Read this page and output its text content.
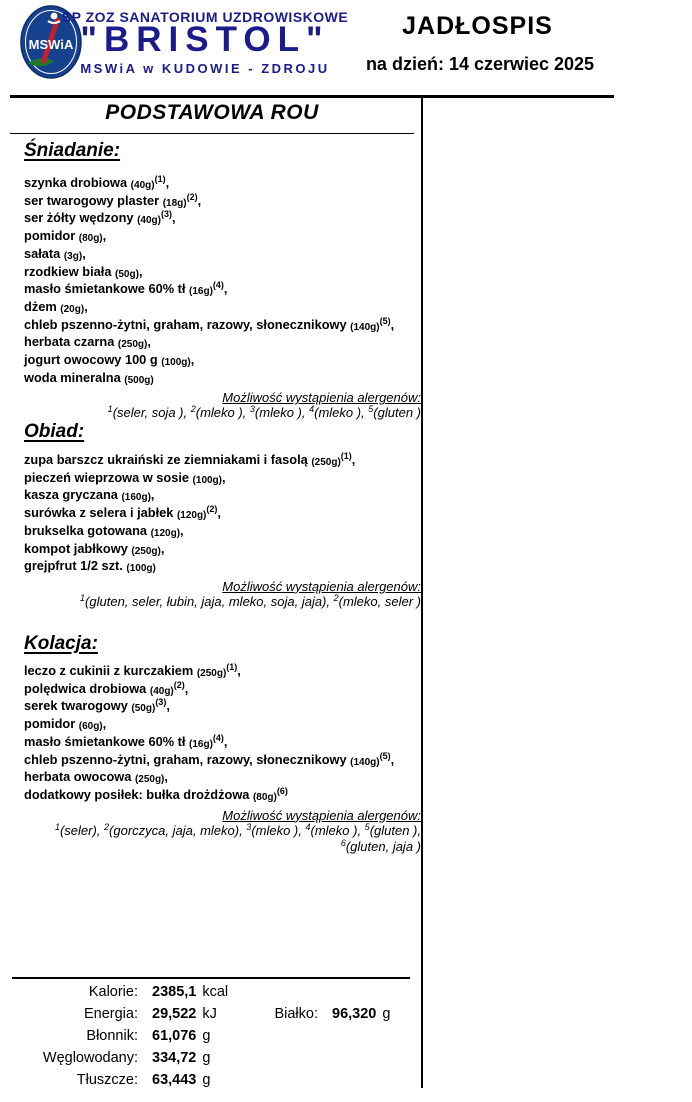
MSWiA
SP ZOZ SANATORIUM UZDROWISKOWE
"BRISTOL"
MSWiA w KUDOWIE - ZDROJU
JADŁOSPIS
na dzień: 14 czerwiec 2025
PODSTAWOWA ROU
Śniadanie:
szynka drobiowa $(40g)^{(1)}$,
ser twarogowy plaster $(18g)^{(2)}$,
ser żółty wędzony $(40g)^{(3)}$,
pomidor (80g),
sałata (3g),
rzodkiew biała (50g),
masło śmietankowe 60% tł $(16g)^{(4)}$,
dżem (20g),
chleb pszenno-żytni, graham, razowy, słonecznikowy $(140g)^{(5)}$,
herbata czarna (250g),
jogurt owocowy 100 g (100g),
woda mineralna (500g)
Możliwość wystąpienia alergenów:
$^1$(seler, soja ), $^2$(mleko ), $^3$(mleko ), $^4$(mleko ), $^5$(gluten )
Obiad:
zupa barszcz ukraiński ze ziemniakami i fasolą $(250g)^{(1)}$,
pieczeń wieprzowa w sosie (100g),
kasza gryczana (160g),
surówka z selera i jabłek $(120g)^{(2)}$,
brukselka gotowana (120g),
kompot jabłkowy (250g),
grejpfrut 1/2 szt. (100g)
Możliwość wystąpienia alergenów:
$^1$(gluten, seler, łubin, jaja, mleko, soja, jaja), $^2$(mleko, seler )
Kolacja:
leczo z cukinii z kurczakiem $(250g)^{(1)}$,
polędwica drobiowa $(40g)^{(2)}$,
serek twarogowy $(50g)^{(3)}$,
pomidor (60g),
masło śmietankowe 60% tł $(16g)^{(4)}$,
chleb pszenno-żytni, graham, razowy, słonecznikowy $(140g)^{(5)}$,
herbata owocowa (250g),
dodatkowy posiłek: bułka drożdżowa $(80g)^{(6)}$
Możliwość wystąpienia alergenów:
$^1$(seler), $^2$(gorczyca, jaja, mleko), $^3$(mleko ), $^4$(mleko ), $^5$(gluten ),
$^6$(gluten, jaja )
Kalorie: 2385,1 kcal
Energia: 29,522 kJ	Białko: 96,320 g
Błonnik: 61,076 g
Węglowodany: 334,72 g
Tłuszcze: 63,443 g
